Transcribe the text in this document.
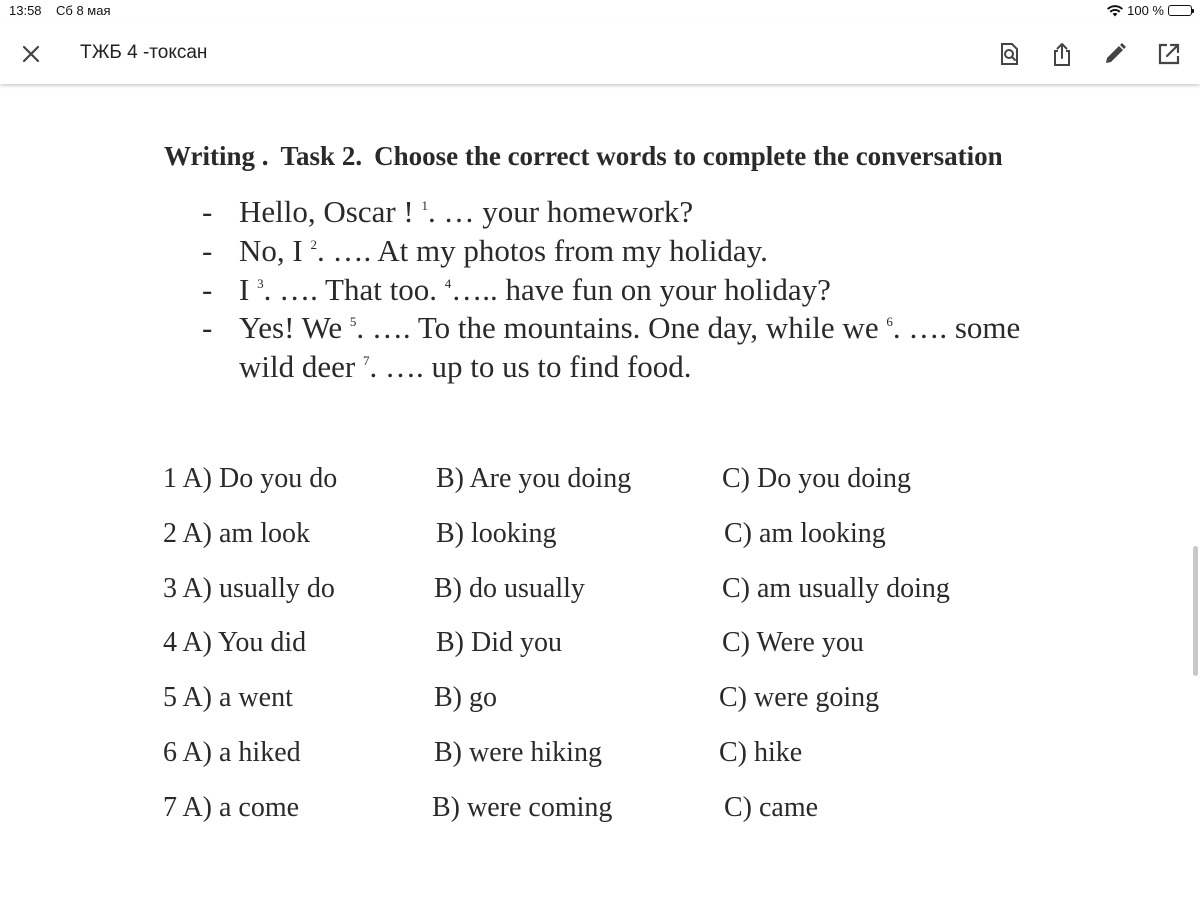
13:58 Сб 8 мая	100 %
ТЖБ 4 -токсан
Writing . Task 2. Choose the correct words to complete the conversation
- Hello, Oscar ! $^1$. … your homework?
- No, I $^2$. …. At my photos from my holiday.
- I $^3$. …. That too. $^4$….. have fun on your holiday?
- Yes! We $^5$. …. To the mountains. One day, while we $^6$. …. some
wild deer $^7$. …. up to us to find food.
1 A) Do you do	B) Are you doing	C) Do you doing
2 A) am look	B) looking	C) am looking
3 A) usually do	B) do usually	C) am usually doing
4 A) You did	B) Did you	C) Were you
5 A) a went	B) go	C) were going
6 A) a hiked	B) were hiking	C) hike
7 A) a come	B) were coming	C) came
